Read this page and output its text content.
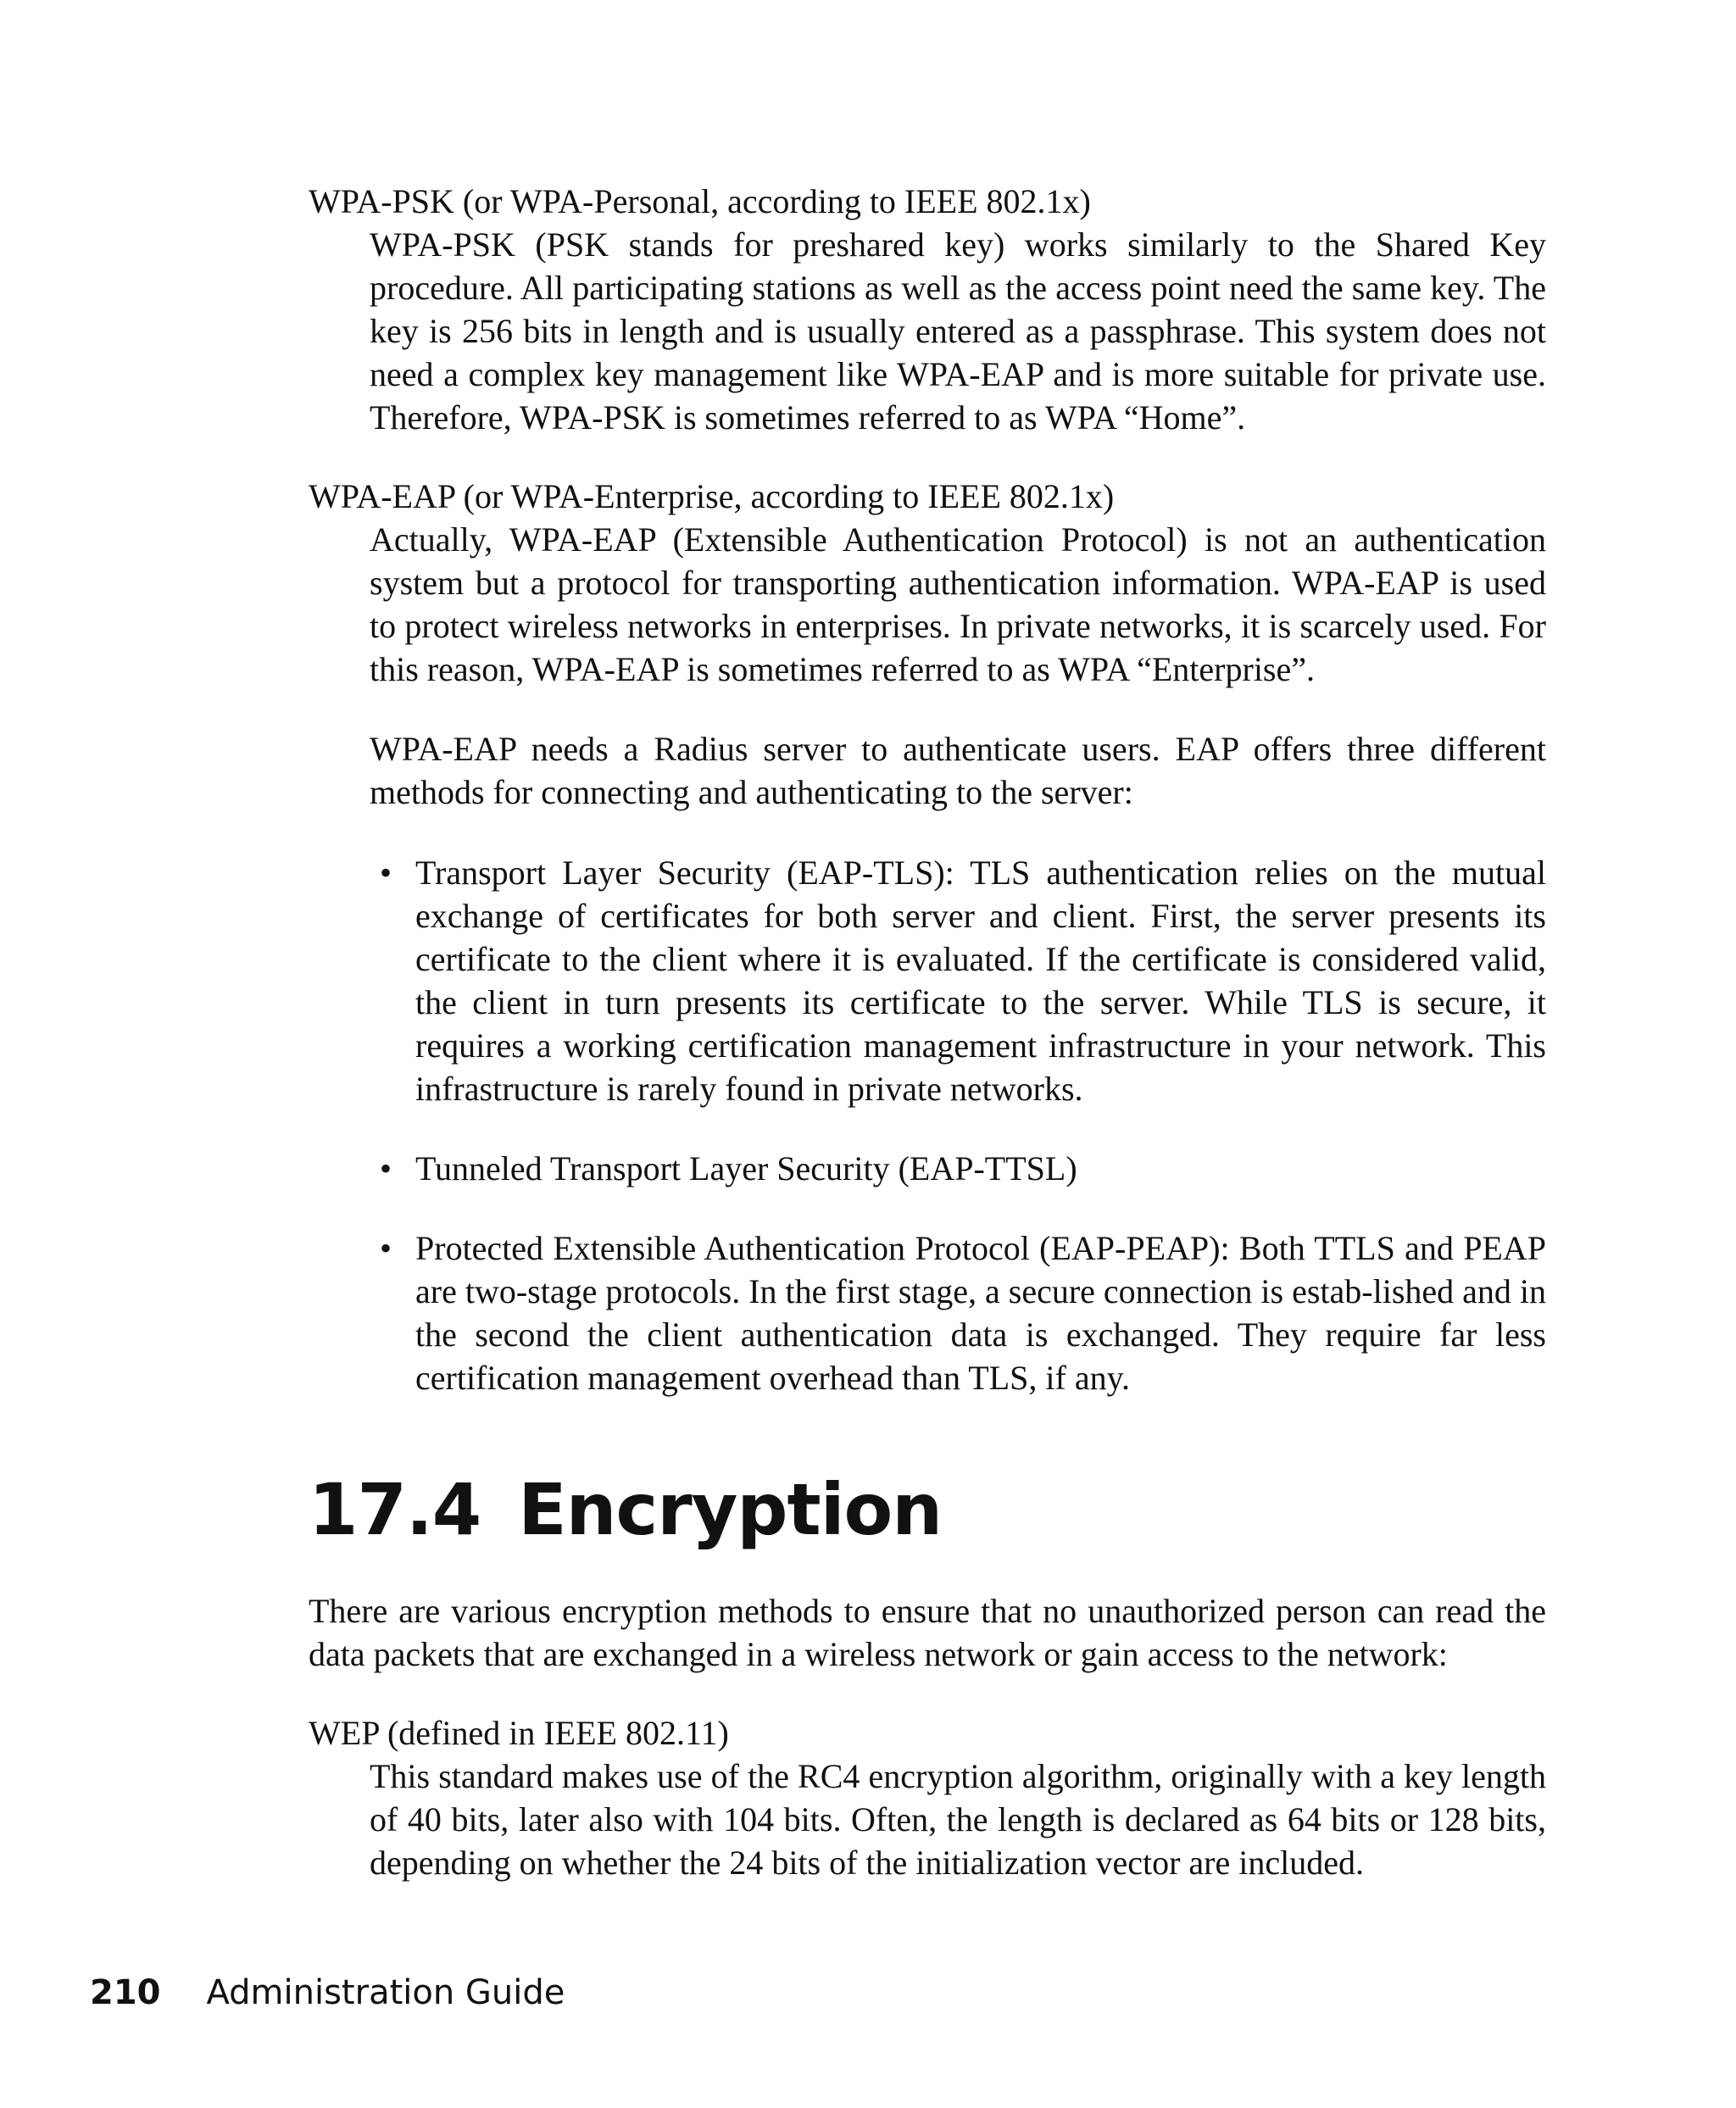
WPA-PSK (or WPA-Personal, according to IEEE 802.1x)

WPA-PSK (PSK stands for preshared key) works similarly to the Shared Key procedure. All participating stations as well as the access point need the same key. The key is 256 bits in length and is usually entered as a passphrase. This system does not need a complex key management like WPA-EAP and is more suitable for private use. Therefore, WPA-PSK is sometimes referred to as WPA “Home”.

WPA-EAP (or WPA-Enterprise, according to IEEE 802.1x)

Actually, WPA-EAP (Extensible Authentication Protocol) is not an authentication system but a protocol for transporting authentication information. WPA-EAP is used to protect wireless networks in enterprises. In private networks, it is scarcely used. For this reason, WPA-EAP is sometimes referred to as WPA “Enterprise”.

WPA-EAP needs a Radius server to authenticate users. EAP offers three different methods for connecting and authenticating to the server:

• Transport Layer Security (EAP-TLS): TLS authentication relies on the mutual exchange of certificates for both server and client. First, the server presents its certificate to the client where it is evaluated. If the certificate is considered valid, the client in turn presents its certificate to the server. While TLS is secure, it requires a working certification management infrastructure in your network. This infrastructure is rarely found in private networks.
• Tunneled Transport Layer Security (EAP-TTSL)
• Protected Extensible Authentication Protocol (EAP-PEAP): Both TTLS and PEAP are two-stage protocols. In the first stage, a secure connection is estab-lished and in the second the client authentication data is exchanged. They require far less certification management overhead than TLS, if any.
17.4 Encryption

There are various encryption methods to ensure that no unauthorized person can read the data packets that are exchanged in a wireless network or gain access to the network:

WEP (defined in IEEE 802.11)

This standard makes use of the RC4 encryption algorithm, originally with a key length of 40 bits, later also with 104 bits. Often, the length is declared as 64 bits or 128 bits, depending on whether the 24 bits of the initialization vector are included.

210 Administration Guide
